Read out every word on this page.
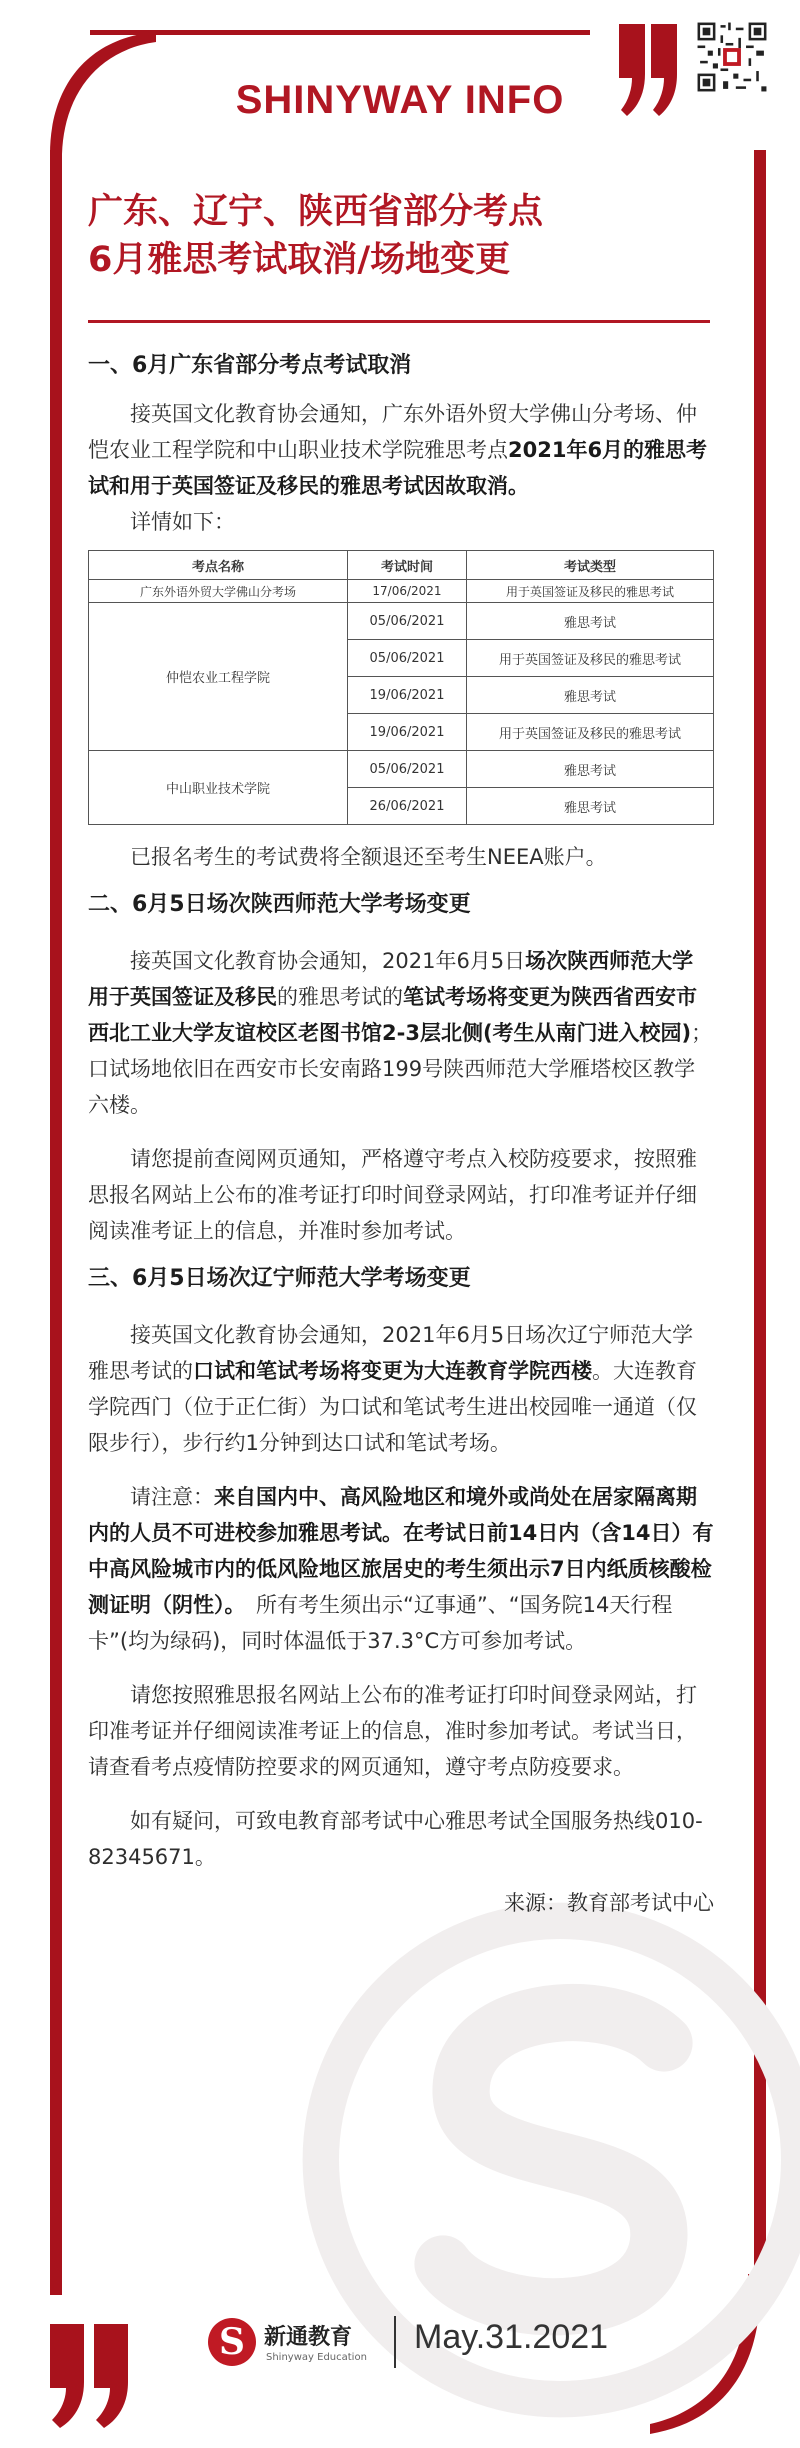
SHINYWAY INFO
广东、辽宁、陕西省部分考点
6月雅思考试取消/场地变更
一、6月广东省部分考点考试取消

接英国文化教育协会通知，广东外语外贸大学佛山分考场、仲恺农业工程学院和中山职业技术学院雅思考点2021年6月的雅思考试和用于英国签证及移民的雅思考试因故取消。

详情如下：

考点名称	考试时间	考试类型
广东外语外贸大学佛山分考场	17/06/2021	用于英国签证及移民的雅思考试
仲恺农业工程学院	05/06/2021	雅思考试
	05/06/2021	用于英国签证及移民的雅思考试
	19/06/2021	雅思考试
	19/06/2021	用于英国签证及移民的雅思考试
中山职业技术学院	05/06/2021	雅思考试
	26/06/2021	雅思考试

已报名考生的考试费将全额退还至考生NEEA账户。

二、6月5日场次陕西师范大学考场变更

接英国文化教育协会通知，2021年6月5日场次陕西师范大学用于英国签证及移民的雅思考试的笔试考场将变更为陕西省西安市西北工业大学友谊校区老图书馆2-3层北侧(考生从南门进入校园)；口试场地依旧在西安市长安南路199号陕西师范大学雁塔校区教学六楼。

请您提前查阅网页通知，严格遵守考点入校防疫要求，按照雅思报名网站上公布的准考证打印时间登录网站，打印准考证并仔细阅读准考证上的信息，并准时参加考试。

三、6月5日场次辽宁师范大学考场变更

接英国文化教育协会通知，2021年6月5日场次辽宁师范大学雅思考试的口试和笔试考场将变更为大连教育学院西楼。大连教育学院西门（位于正仁街）为口试和笔试考生进出校园唯一通道（仅限步行），步行约1分钟到达口试和笔试考场。

请注意：来自国内中、高风险地区和境外或尚处在居家隔离期内的人员不可进校参加雅思考试。在考试日前14日内（含14日）有中高风险城市内的低风险地区旅居史的考生须出示7日内纸质核酸检测证明（阴性）。　 所有考生须出示“辽事通”、“国务院14天行程卡”(均为绿码)，同时体温低于37.3°C方可参加考试。

请您按照雅思报名网站上公布的准考证打印时间登录网站，打印准考证并仔细阅读准考证上的信息，准时参加考试。考试当日，请查看考点疫情防控要求的网页通知，遵守考点防疫要求。

如有疑问，可致电教育部考试中心雅思考试全国服务热线010-82345671。

来源：教育部考试中心
S 新通教育
Shinyway Education
May.31.2021
